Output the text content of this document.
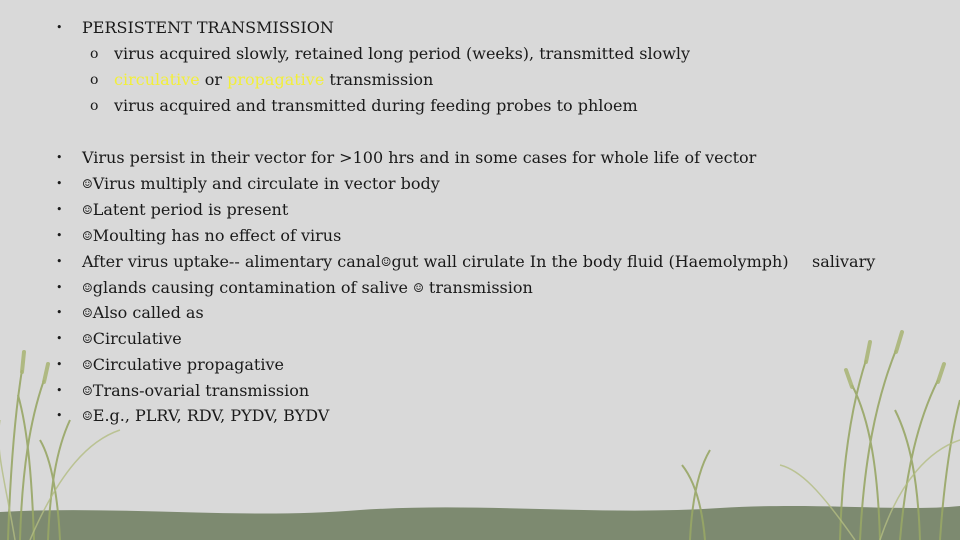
• PERSISTENT TRANSMISSION
o virus acquired slowly, retained long period (weeks), transmitted slowly
o circulative or propagative transmission
o virus acquired and transmitted during feeding probes to phloem
• Virus persist in their vector for >100 hrs and in some cases for whole life of vector
• ☺Virus multiply and circulate in vector body
• ☺Latent period is present
• ☺Moulting has no effect of virus
• After virus uptake-- alimentary canal☺gut wall cirulate In the body fluid (Haemolymph) salivary
• ☺glands causing contamination of salive ☺ transmission
• ☺Also called as
• ☺Circulative
• ☺Circulative propagative
• ☺Trans-ovarial transmission
• ☺E.g., PLRV, RDV, PYDV, BYDV
